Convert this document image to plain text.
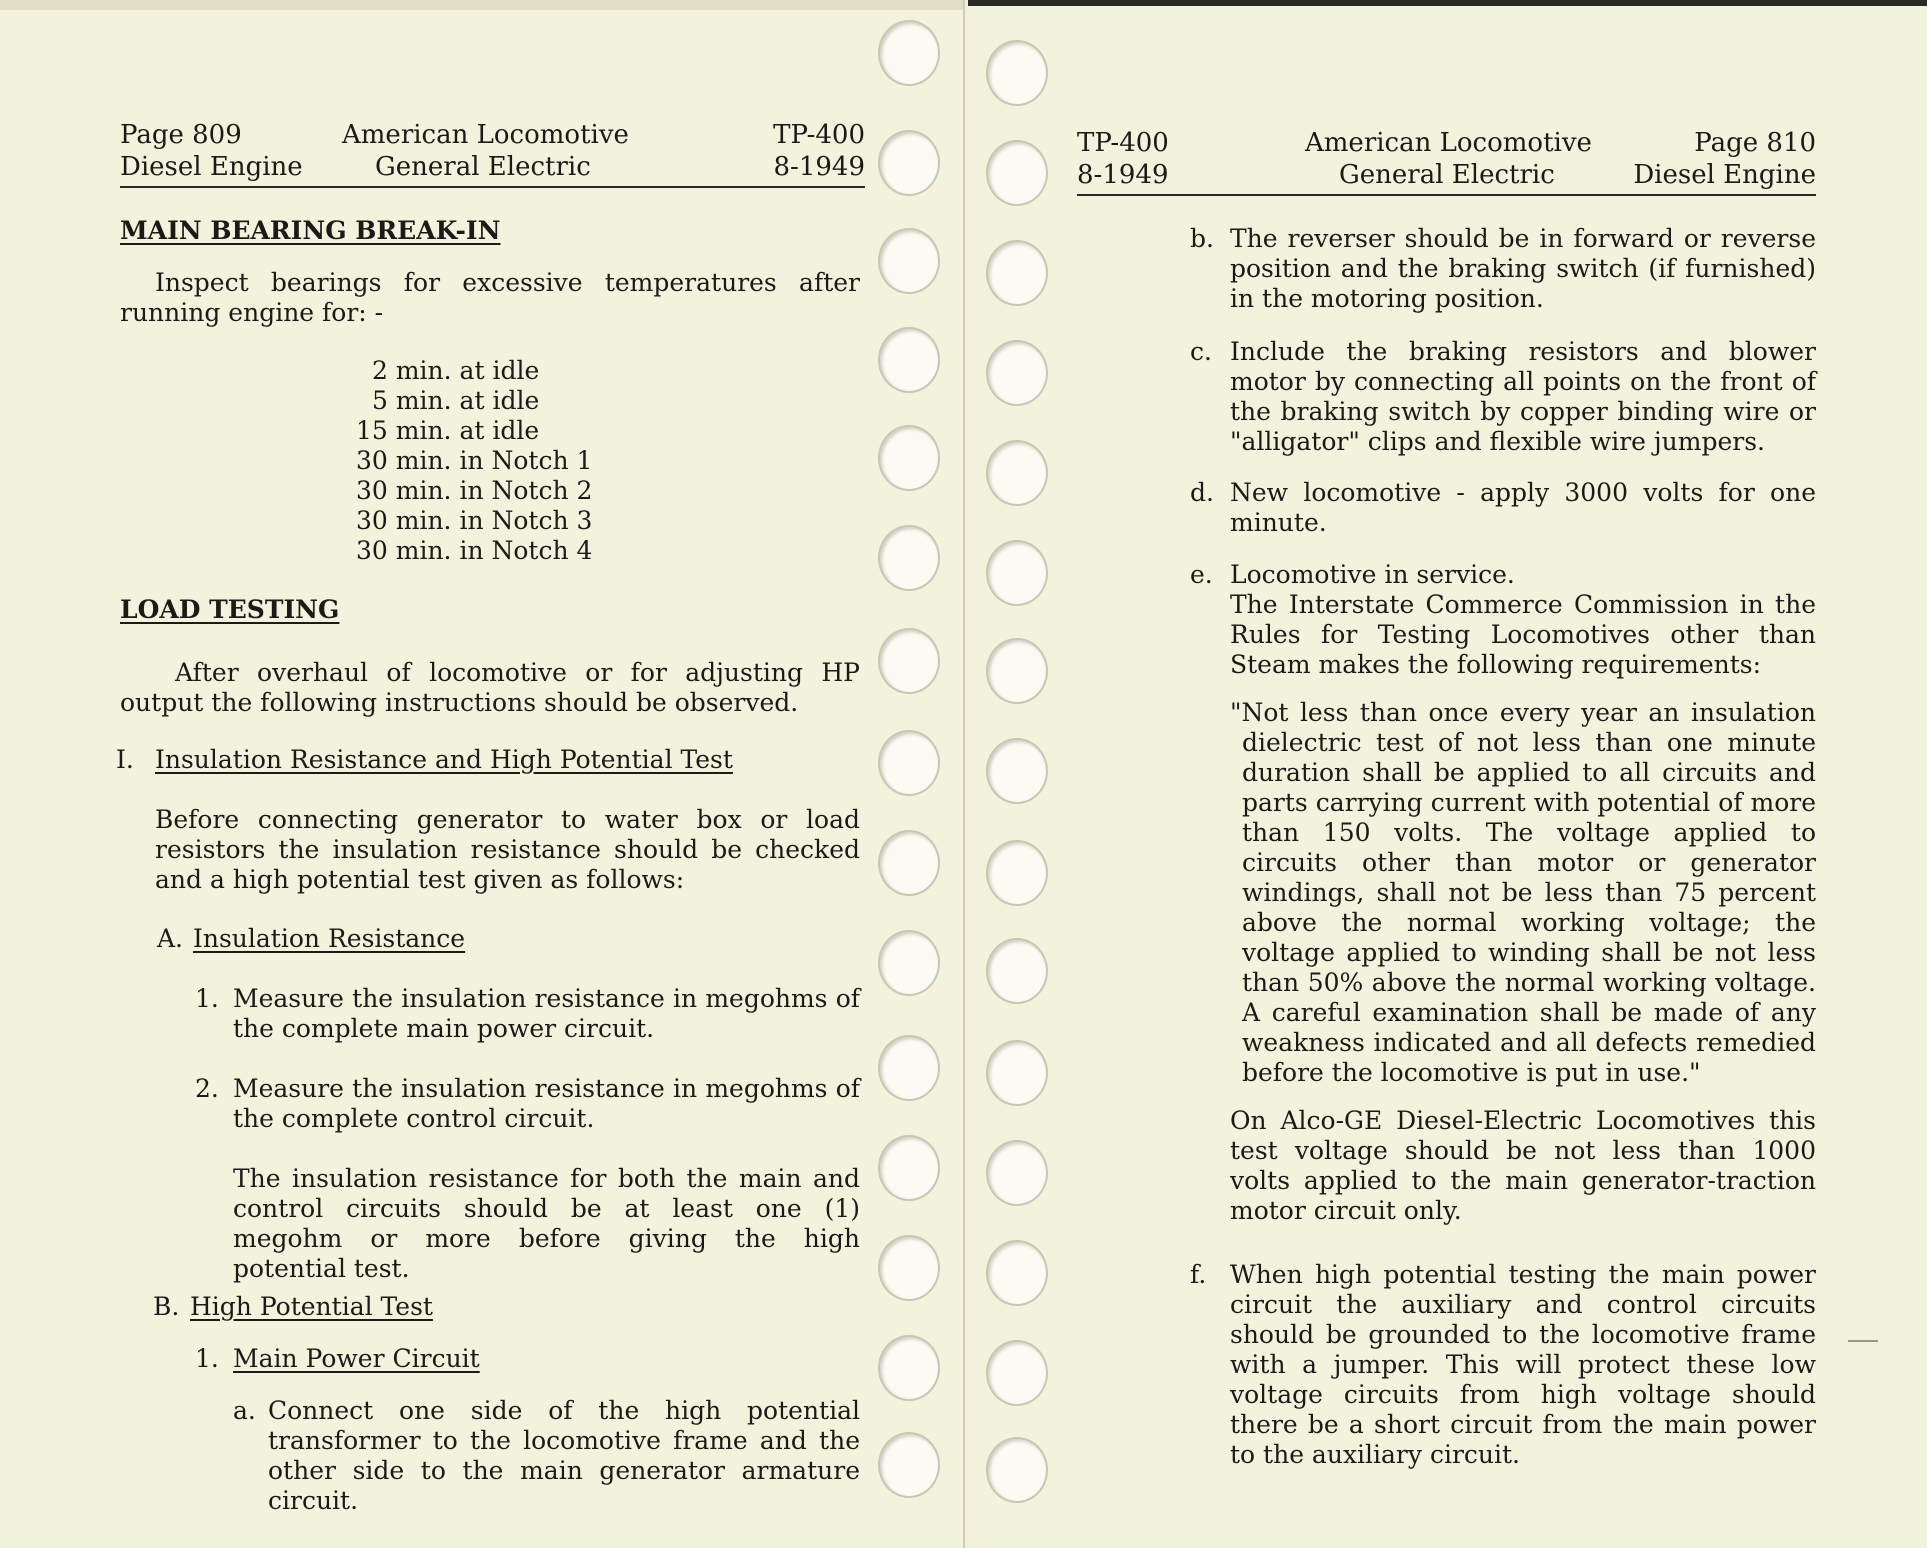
Page 809
Diesel Engine
American Locomotive
General Electric
TP-400
8-1949

MAIN BEARING BREAK-IN

Inspect bearings for excessive temperatures after running engine for: -

2 min. at idle
5 min. at idle
15 min. at idle
30 min. in Notch 1
30 min. in Notch 2
30 min. in Notch 3
30 min. in Notch 4

LOAD TESTING

After overhaul of locomotive or for adjusting HP output the following instructions should be observed.

I. Insulation Resistance and High Potential Test

Before connecting generator to water box or load resistors the insulation resistance should be checked and a high potential test given as follows:

A. Insulation Resistance

1. Measure the insulation resistance in megohms of the complete main power circuit.

2. Measure the insulation resistance in megohms of the complete control circuit.

The insulation resistance for both the main and control circuits should be at least one (1) megohm or more before giving the high potential test.

B. High Potential Test

1. Main Power Circuit

a. Connect one side of the high potential transformer to the locomotive frame and the other side to the main generator armature circuit.

TP-400
8-1949
American Locomotive
General Electric
Page 810
Diesel Engine
b. The reverser should be in forward or reverse position and the braking switch (if furnished) in the motoring position.

c. Include the braking resistors and blower motor by connecting all points on the front of the braking switch by copper binding wire or "alligator" clips and flexible wire jumpers.

d. New locomotive - apply 3000 volts for one minute.

e. Locomotive in service.

The Interstate Commerce Commission in the Rules for Testing Locomotives other than Steam makes the following requirements:

"Not less than once every year an insulation dielectric test of not less than one minute duration shall be applied to all circuits and parts carrying current with potential of more than 150 volts. The voltage applied to circuits other than motor or generator windings, shall not be less than 75 percent above the normal working voltage; the voltage applied to winding shall be not less than 50% above the normal working voltage. A careful examination shall be made of any weakness indicated and all defects remedied before the locomotive is put in use."

On Alco-GE Diesel-Electric Locomotives this test voltage should be not less than 1000 volts applied to the main generator-traction motor circuit only.

f. When high potential testing the main power circuit the auxiliary and control circuits should be grounded to the locomotive frame with a jumper. This will protect these low voltage circuits from high voltage should there be a short circuit from the main power to the auxiliary circuit.
